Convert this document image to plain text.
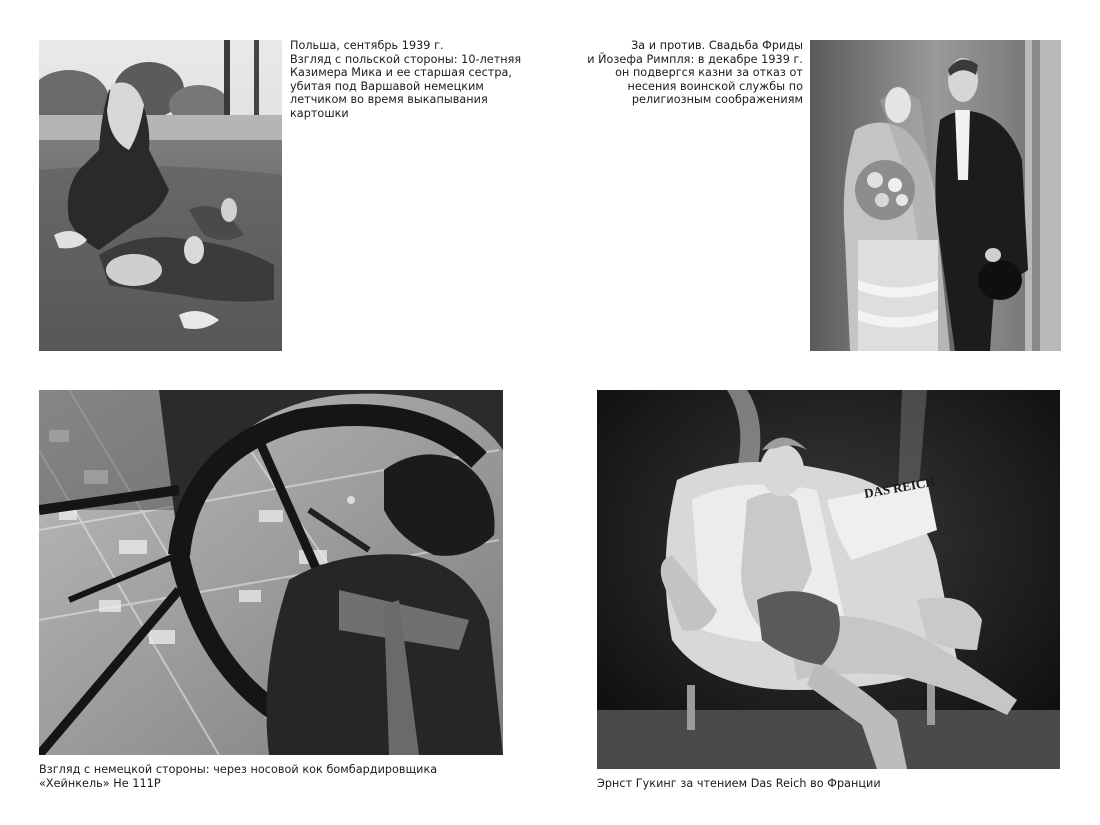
Польша, сентябрь 1939 г.
Взгляд с польской стороны: 10-летняя
Казимера Мика и ее старшая сестра,
убитая под Варшавой немецким
летчиком во время выкапывания
картошки

За и против. Свадьба Фриды
и Йозефа Римпля: в декабре 1939 г.
он подвергся казни за отказ от
несения воинской службы по
религиозным соображениям

Взгляд с немецкой стороны: через носовой кок бомбардировщика
«Хейнкель» Не 111Р

DAS REICH

Эрнст Гукинг за чтением Das Reich во Франции
